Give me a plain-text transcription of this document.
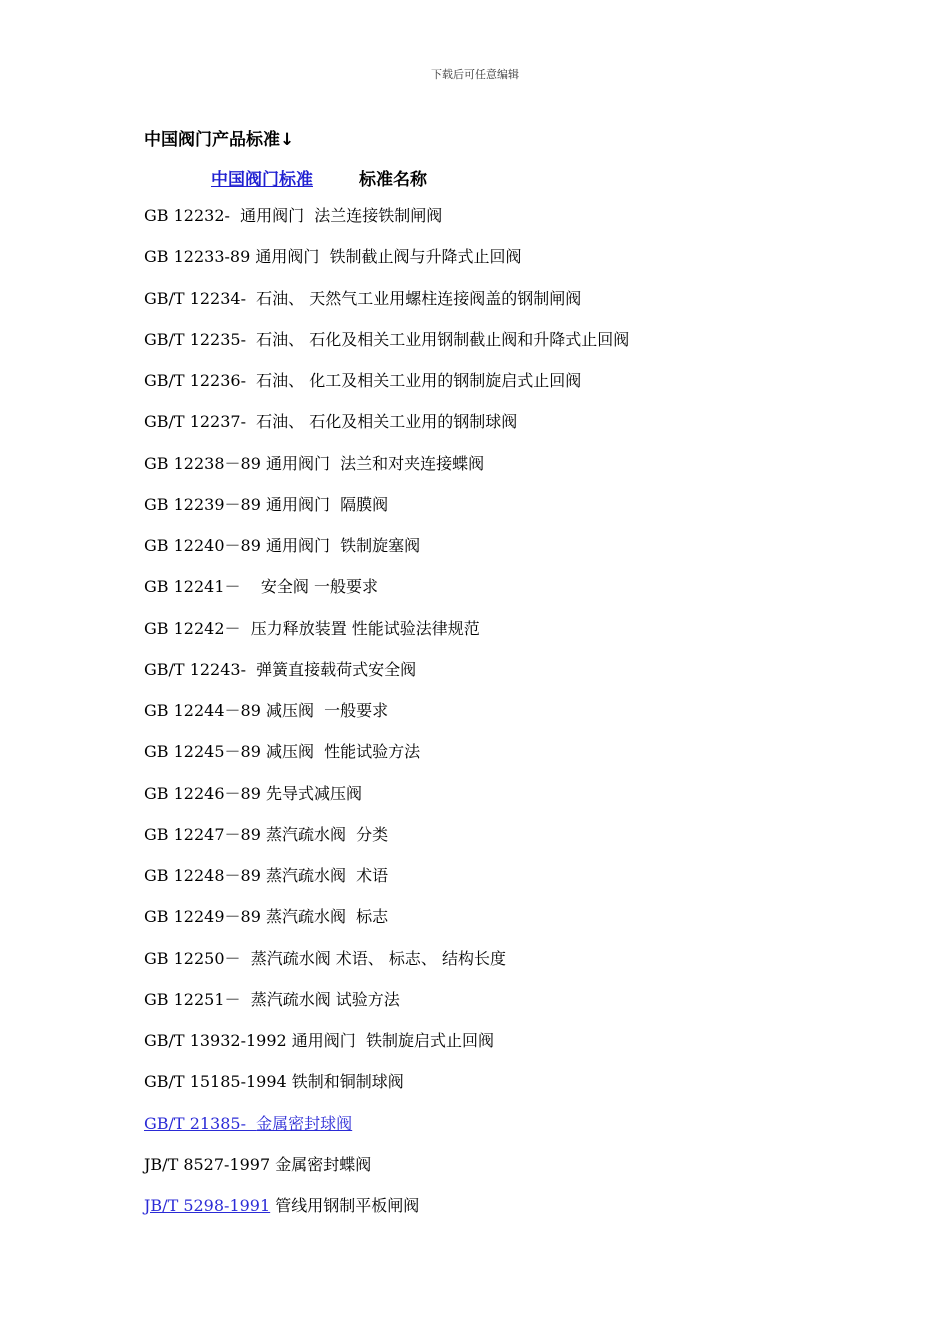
下载后可任意编辑
中国阀门产品标准↓
中国阀门标准	标准名称
GB 12232-  通用阀门  法兰连接铁制闸阀
GB 12233-89 通用阀门  铁制截止阀与升降式止回阀
GB/T 12234-  石油、 天然气工业用螺柱连接阀盖的钢制闸阀
GB/T 12235-  石油、 石化及相关工业用钢制截止阀和升降式止回阀
GB/T 12236-  石油、 化工及相关工业用的钢制旋启式止回阀
GB/T 12237-  石油、 石化及相关工业用的钢制球阀
GB 12238－89 通用阀门  法兰和对夹连接蝶阀
GB 12239－89 通用阀门  隔膜阀
GB 12240－89 通用阀门  铁制旋塞阀
GB 12241－    安全阀 一般要求
GB 12242－  压力释放装置 性能试验法律规范
GB/T 12243-  弹簧直接载荷式安全阀
GB 12244－89 减压阀  一般要求
GB 12245－89 减压阀  性能试验方法
GB 12246－89 先导式减压阀
GB 12247－89 蒸汽疏水阀  分类
GB 12248－89 蒸汽疏水阀  术语
GB 12249－89 蒸汽疏水阀  标志
GB 12250－  蒸汽疏水阀 术语、 标志、 结构长度
GB 12251－  蒸汽疏水阀 试验方法
GB/T 13932-1992 通用阀门  铁制旋启式止回阀
GB/T 15185-1994 铁制和铜制球阀
GB/T 21385-  金属密封球阀
JB/T 8527-1997 金属密封蝶阀
JB/T 5298-1991 管线用钢制平板闸阀
